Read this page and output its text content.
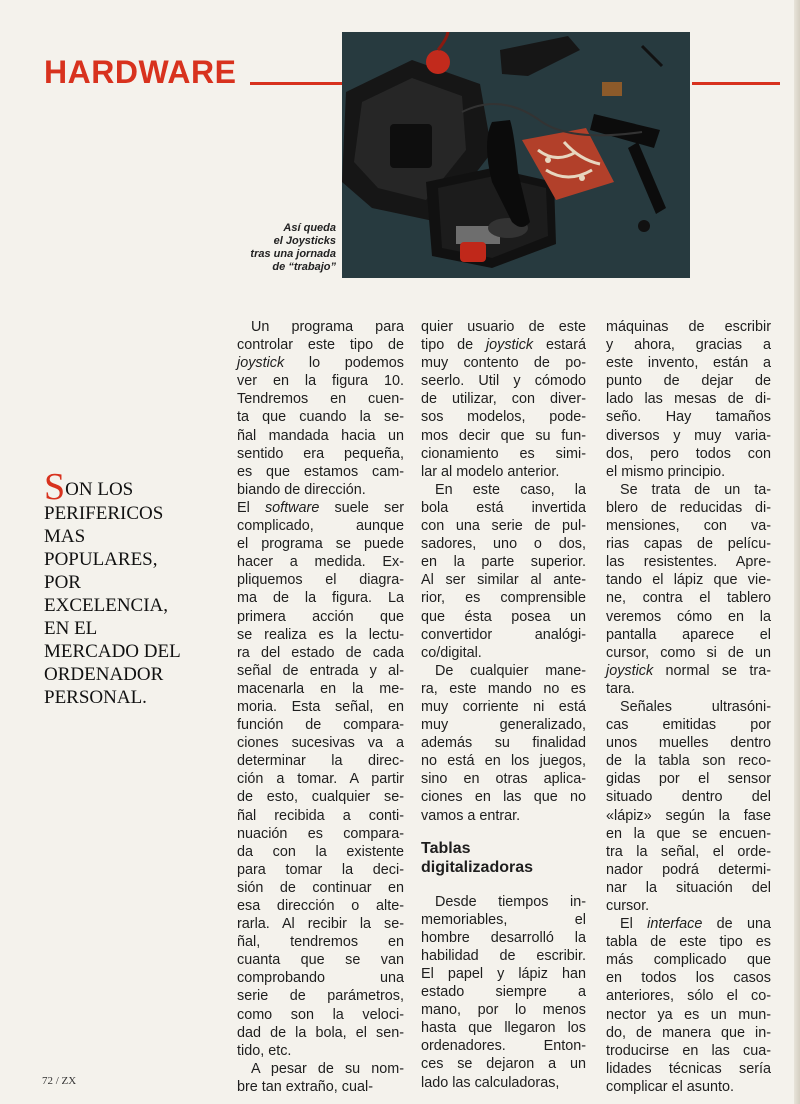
HARDWARE
Así queda
el Joysticks
tras una jornada
de “trabajo”
SON LOS
PERIFERICOS
MAS
POPULARES,
POR
EXCELENCIA,
EN EL
MERCADO DEL
ORDENADOR
PERSONAL.
Un programa para
controlar este tipo de
joystick lo podemos
ver en la figura 10.
Tendremos en cuen-
ta que cuando la se-
ñal mandada hacia un
sentido era pequeña,
es que estamos cam-
biando de dirección.
El software suele ser
complicado, aunque
el programa se puede
hacer a medida. Ex-
pliquemos el diagra-
ma de la figura. La
primera acción que
se realiza es la lectu-
ra del estado de cada
señal de entrada y al-
macenarla en la me-
moria. Esta señal, en
función de compara-
ciones sucesivas va a
determinar la direc-
ción a tomar. A partir
de esto, cualquier se-
ñal recibida a conti-
nuación es compara-
da con la existente
para tomar la deci-
sión de continuar en
esa dirección o alte-
rarla. Al recibir la se-
ñal, tendremos en
cuanta que se van
comprobando una
serie de parámetros,
como son la veloci-
dad de la bola, el sen-
tido, etc.
A pesar de su nom-
bre tan extraño, cual-
quier usuario de este
tipo de joystick estará
muy contento de po-
seerlo. Util y cómodo
de utilizar, con diver-
sos modelos, pode-
mos decir que su fun-
cionamiento es simi-
lar al modelo anterior.
En este caso, la
bola está invertida
con una serie de pul-
sadores, uno o dos,
en la parte superior.
Al ser similar al ante-
rior, es comprensible
que ésta posea un
convertidor analógi-
co/digital.
De cualquier mane-
ra, este mando no es
muy corriente ni está
muy generalizado,
además su finalidad
no está en los juegos,
sino en otras aplica-
ciones en las que no
vamos a entrar.
Tablas
digitalizadoras
Desde tiempos in-
memoriables, el
hombre desarrolló la
habilidad de escribir.
El papel y lápiz han
estado siempre a
mano, por lo menos
hasta que llegaron los
ordenadores. Enton-
ces se dejaron a un
lado las calculadoras,
máquinas de escribir
y ahora, gracias a
este invento, están a
punto de dejar de
lado las mesas de di-
seño. Hay tamaños
diversos y muy varia-
dos, pero todos con
el mismo principio.
Se trata de un ta-
blero de reducidas di-
mensiones, con va-
rias capas de pelícu-
las resistentes. Apre-
tando el lápiz que vie-
ne, contra el tablero
veremos cómo en la
pantalla aparece el
cursor, como si de un
joystick normal se tra-
tara.
Señales ultrasóni-
cas emitidas por
unos muelles dentro
de la tabla son reco-
gidas por el sensor
situado dentro del
«lápiz» según la fase
en la que se encuen-
tra la señal, el orde-
nador podrá determi-
nar la situación del
cursor.
El interface de una
tabla de este tipo es
más complicado que
en todos los casos
anteriores, sólo el co-
nector ya es un mun-
do, de manera que in-
troducirse en las cua-
lidades técnicas sería
complicar el asunto.
72 / ZX
